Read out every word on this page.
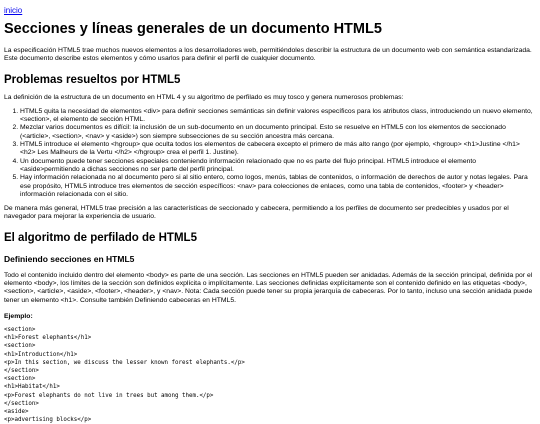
inicio
Secciones y líneas generales de un documento HTML5

La especificación HTML5 trae muchos nuevos elementos a los desarrolladores web, permitiéndoles describir la estructura de un documento web con semántica estandarizada. Este documento describe estos elementos y cómo usarlos para definir el perfil de cualquier documento.

Problemas resueltos por HTML5

La definición de la estructura de un documento en HTML 4 y su algoritmo de perfilado es muy tosco y genera numerosos problemas:

1. HTML5 quita la necesidad de elementos <div> para definir secciones semánticas sin definir valores específicos para los atributos class, introduciendo un nuevo elemento, <section>, el elemento de sección HTML.
2. Mezclar varios documentos es difícil: la inclusión de un sub-documento en un documento principal. Esto se resuelve en HTML5 con los elementos de seccionado (<article>, <section>, <nav> y <aside>) son siempre subsecciones de su sección ancestra más cercana.
3. HTML5 introduce el elemento <hgroup> que oculta todos los elementos de cabecera excepto el primero de más alto rango (por ejemplo, <hgroup> <h1>Justine </h1> <h2> Les Malheurs de la Vertu </h2> </hgroup> crea el perfil 1. Justine).
4. Un documento puede tener secciones especiales conteniendo información relacionado que no es parte del flujo principal. HTML5 introduce el elemento <aside>permitiendo a dichas secciones no ser parte del perfil principal.
5. Hay información relacionada no al documento pero si al sitio entero, como logos, menús, tablas de contenidos, o información de derechos de autor y notas legales. Para ese propósito, HTML5 introduce tres elementos de sección específicos: <nav> para colecciones de enlaces, como una tabla de contenidos, <footer> y <header> información relacionada con el sitio.

De manera más general, HTML5 trae precisión a las características de seccionado y cabecera, permitiendo a los perfiles de documento ser predecibles y usados por el navegador para mejorar la experiencia de usuario.

El algoritmo de perfilado de HTML5
Definiendo secciones en HTML5

Todo el contenido incluido dentro del elemento <body> es parte de una sección. Las secciones en HTML5 pueden ser anidadas. Además de la sección principal, definida por el elemento <body>, los límites de la sección son definidos explícita o implícitamente. Las secciones definidas explícitamente son el contenido definido en las etiquetas <body>, <section>, <article>, <aside>, <footer>, <header>, y <nav>. Nota: Cada sección puede tener su propia jerarquía de cabeceras. Por lo tanto, incluso una sección anidada puede tener un elemento <h1>. Consulte también Definiendo cabeceras en HTML5.

Ejemplo:
<section>
<h1>Forest elephants</h1>
<section>
<h1>Introduction</h1>
<p>In this section, we discuss the lesser known forest elephants.</p>
</section>
<section>
<h1>Habitat</h1>
<p>Forest elephants do not live in trees but among them.</p>
</section>
<aside>
<p>advertising blocks</p>
